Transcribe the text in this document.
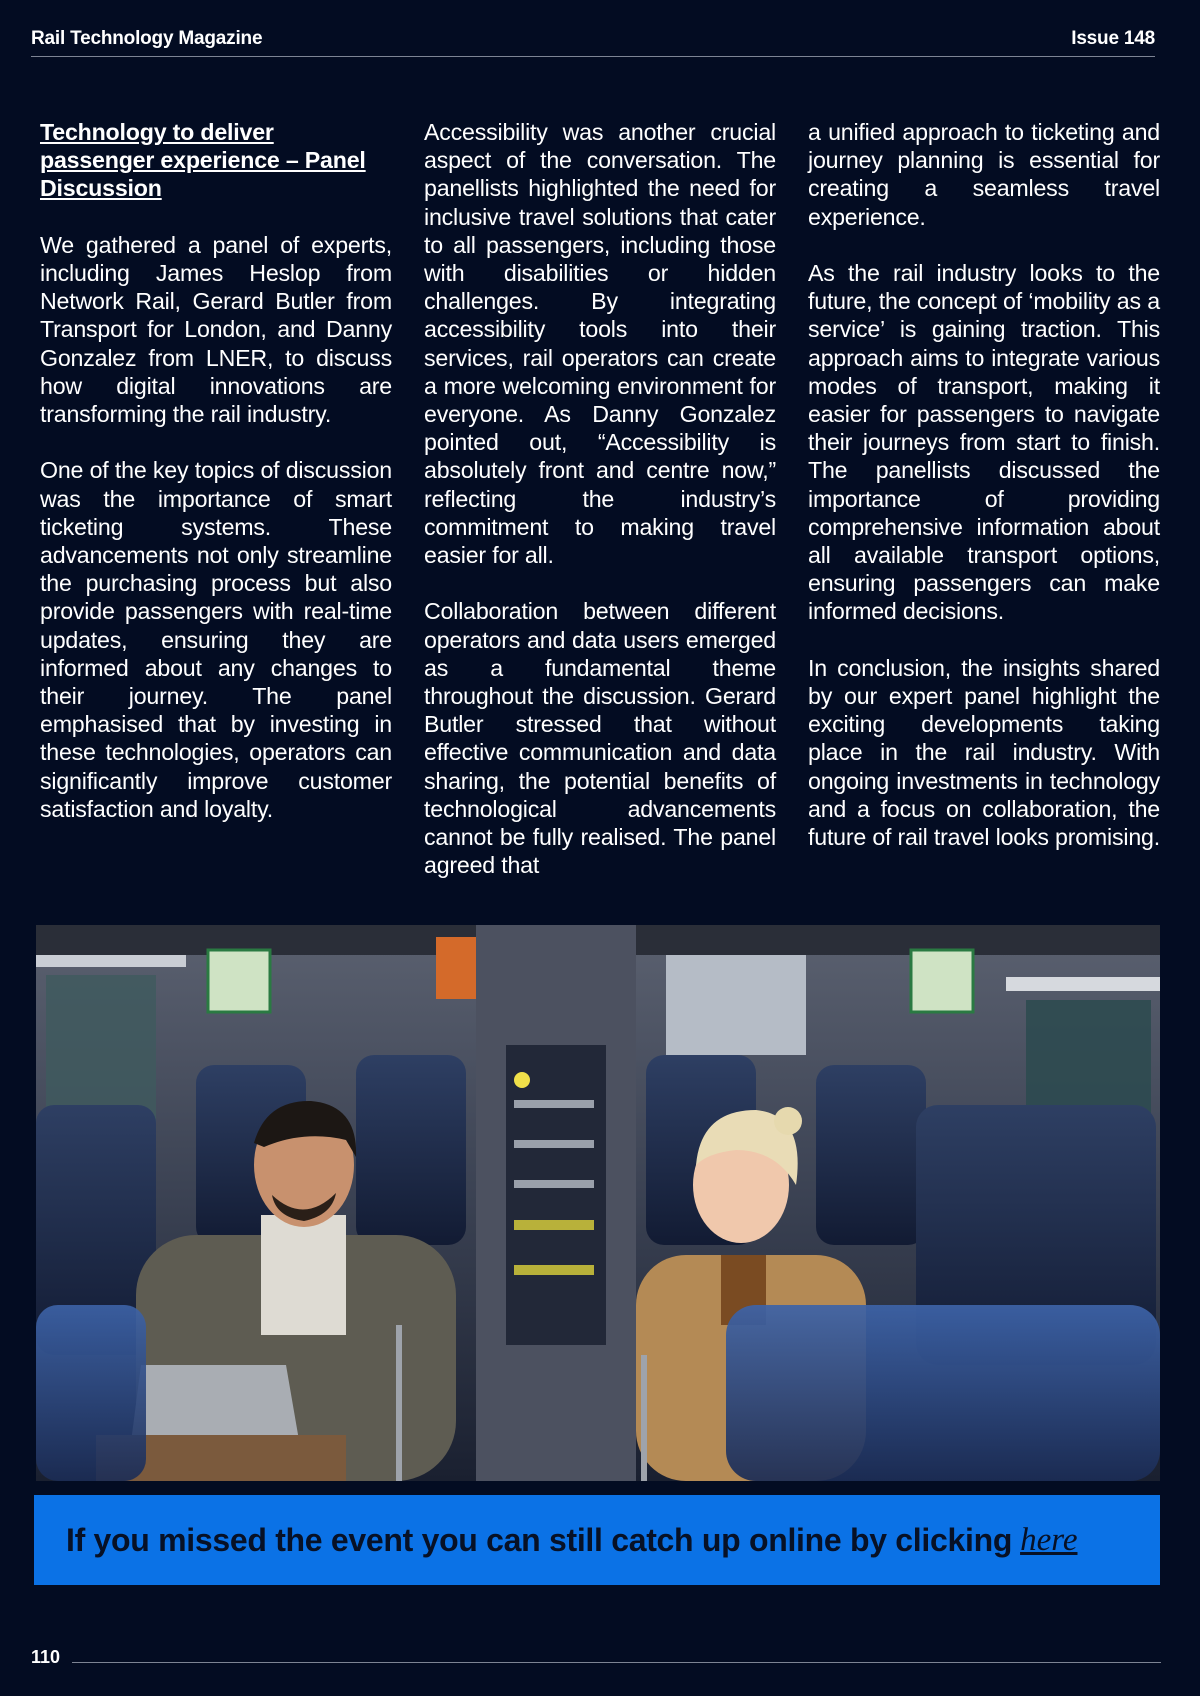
Rail Technology Magazine	Issue 148
Technology to deliver passenger experience – Panel Discussion

We gathered a panel of experts, including James Heslop from Network Rail, Gerard Butler from Transport for London, and Danny Gonzalez from LNER, to discuss how digital innovations are transforming the rail industry.

One of the key topics of discussion was the importance of smart ticketing systems. These advancements not only streamline the purchasing process but also provide passengers with real-time updates, ensuring they are informed about any changes to their journey. The panel emphasised that by investing in these technologies, operators can significantly improve customer satisfaction and loyalty.

Accessibility was another crucial aspect of the conversation. The panellists highlighted the need for inclusive travel solutions that cater to all passengers, including those with disabilities or hidden challenges. By integrating accessibility tools into their services, rail operators can create a more welcoming environment for everyone. As Danny Gonzalez pointed out, “Accessibility is absolutely front and centre now,” reflecting the industry’s commitment to making travel easier for all.

Collaboration between different operators and data users emerged as a fundamental theme throughout the discussion. Gerard Butler stressed that without effective communication and data sharing, the potential benefits of technological advancements cannot be fully realised. The panel agreed that

a unified approach to ticketing and journey planning is essential for creating a seamless travel experience.

As the rail industry looks to the future, the concept of ‘mobility as a service’ is gaining traction. This approach aims to integrate various modes of transport, making it easier for passengers to navigate their journeys from start to finish. The panellists discussed the importance of providing comprehensive information about all available transport options, ensuring passengers can make informed decisions.

In conclusion, the insights shared by our expert panel highlight the exciting developments taking place in the rail industry. With ongoing investments in technology and a focus on collaboration, the future of rail travel looks promising.

If you missed the event you can still catch up online by clicking here
110
